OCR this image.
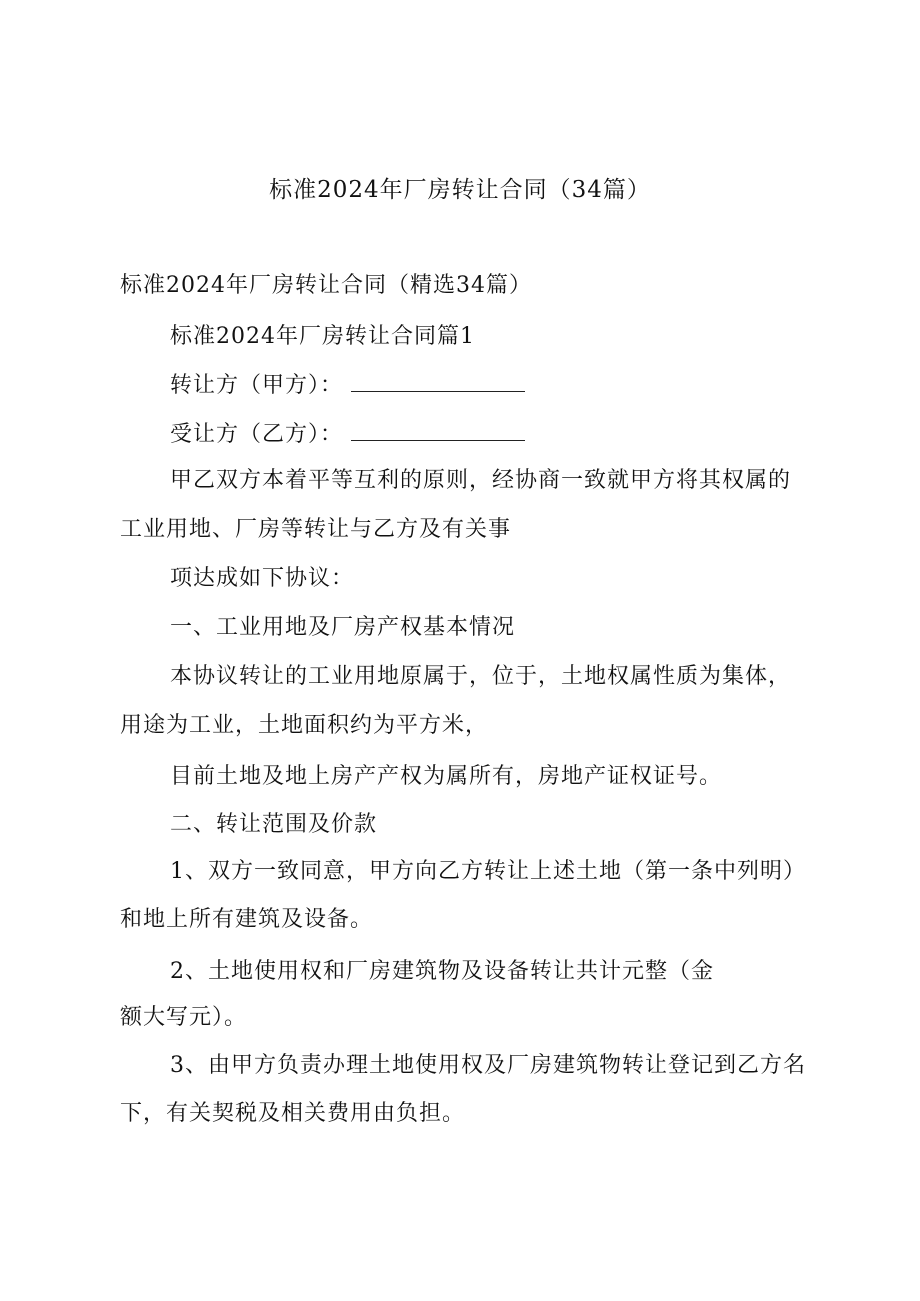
标准2024年厂房转让合同（34篇）
标准2024年厂房转让合同（精选34篇）
标准2024年厂房转让合同篇1
转让方（甲方）：
受让方（乙方）：
甲乙双方本着平等互利的原则，经协商一致就甲方将其权属的
工业用地、厂房等转让与乙方及有关事
项达成如下协议：
一、工业用地及厂房产权基本情况
本协议转让的工业用地原属于，位于，土地权属性质为集体，
用途为工业，土地面积约为平方米，
目前土地及地上房产产权为属所有，房地产证权证号。
二、转让范围及价款
1、双方一致同意，甲方向乙方转让上述土地（第一条中列明）
和地上所有建筑及设备。
2、土地使用权和厂房建筑物及设备转让共计元整（金
额大写元）。
3、由甲方负责办理土地使用权及厂房建筑物转让登记到乙方名
下，有关契税及相关费用由负担。
